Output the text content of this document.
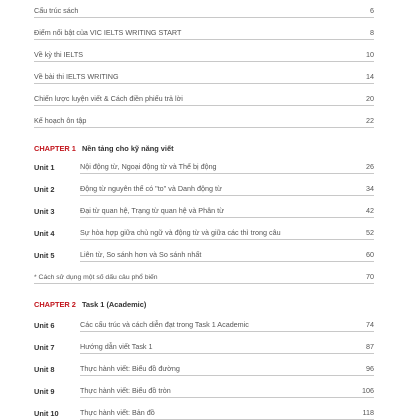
Cấu trúc sách	6
Điểm nổi bật của VIC IELTS WRITING START	8
Về kỳ thi IELTS	10
Về bài thi IELTS WRITING	14
Chiến lược luyện viết & Cách điền phiếu trả lời	20
Kế hoạch ôn tập	22
CHAPTER 1 Nền tảng cho kỹ năng viết
Unit 1	Nội động từ, Ngoại động từ và Thể bị động	26
Unit 2	Động từ nguyên thể có "to" và Danh động từ	34
Unit 3	Đại từ quan hệ, Trạng từ quan hệ và Phân từ	42
Unit 4	Sự hòa hợp giữa chủ ngữ và động từ và giữa các thì trong câu	52
Unit 5	Liên từ, So sánh hơn và So sánh nhất	60
* Cách sử dụng một số dấu câu phổ biến	70
CHAPTER 2 Task 1 (Academic)
Unit 6	Các cấu trúc và cách diễn đạt trong Task 1 Academic	74
Unit 7	Hướng dẫn viết Task 1	87
Unit 8	Thực hành viết: Biểu đồ đường	96
Unit 9	Thực hành viết: Biểu đồ tròn	106
Unit 10	Thực hành viết: Bản đồ	118
